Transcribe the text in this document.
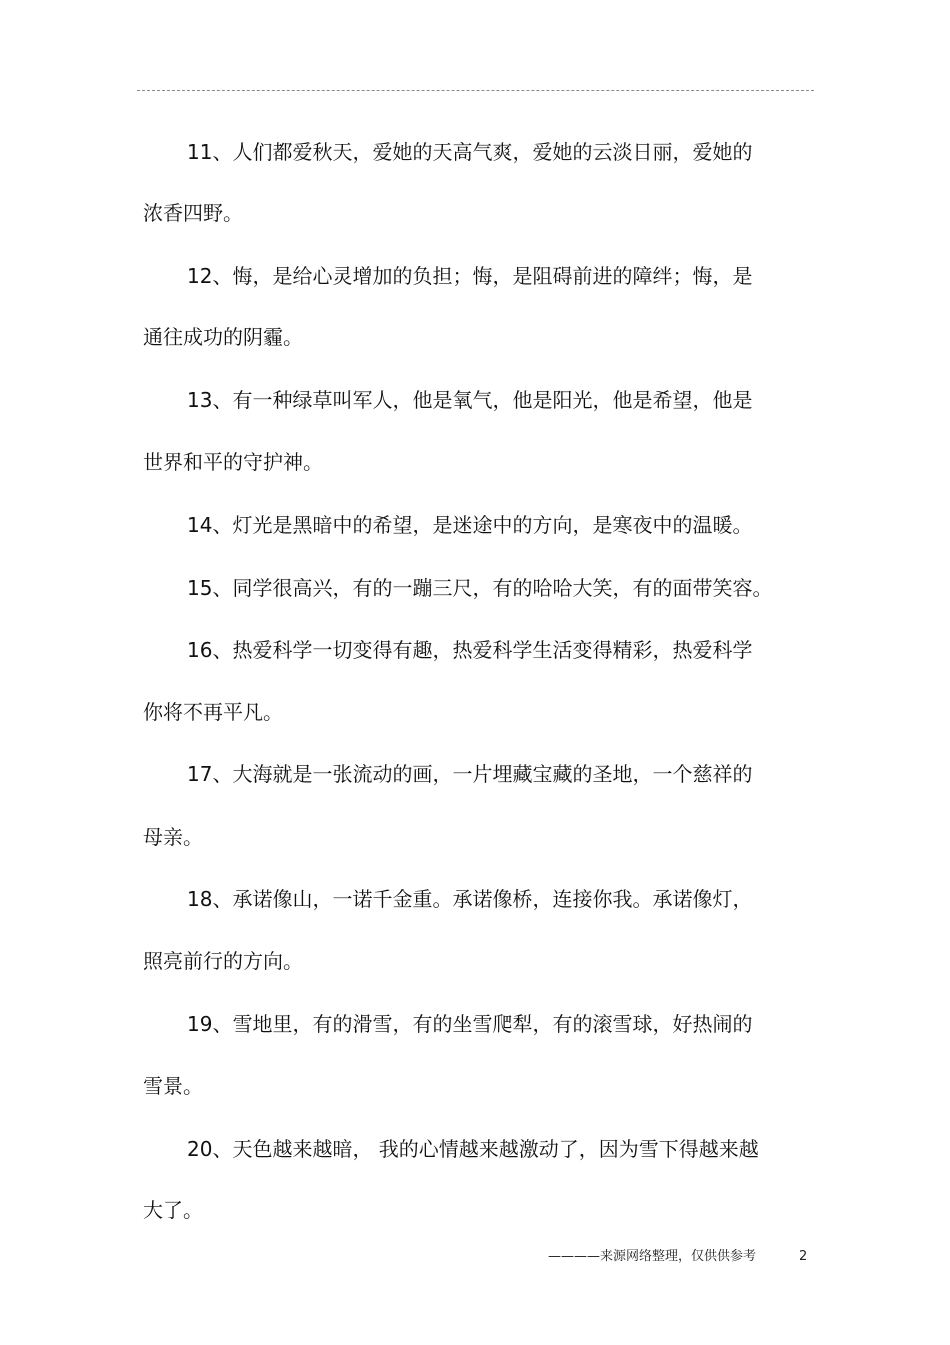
11、人们都爱秋天，爱她的天高气爽，爱她的云淡日丽，爱她的
浓香四野。
12、悔，是给心灵增加的负担；悔，是阻碍前进的障绊；悔，是
通往成功的阴霾。
13、有一种绿草叫军人，他是氧气，他是阳光，他是希望，他是
世界和平的守护神。
14、灯光是黑暗中的希望，是迷途中的方向，是寒夜中的温暖。
15、同学很高兴，有的一蹦三尺，有的哈哈大笑，有的面带笑容。
16、热爱科学一切变得有趣，热爱科学生活变得精彩，热爱科学
你将不再平凡。
17、大海就是一张流动的画，一片埋藏宝藏的圣地，一个慈祥的
母亲。
18、承诺像山，一诺千金重。承诺像桥，连接你我。承诺像灯，
照亮前行的方向。
19、雪地里，有的滑雪，有的坐雪爬犁，有的滚雪球，好热闹的
雪景。
20、天色越来越暗， 我的心情越来越激动了，因为雪下得越来越
大了。
————来源网络整理，仅供供参考	2
